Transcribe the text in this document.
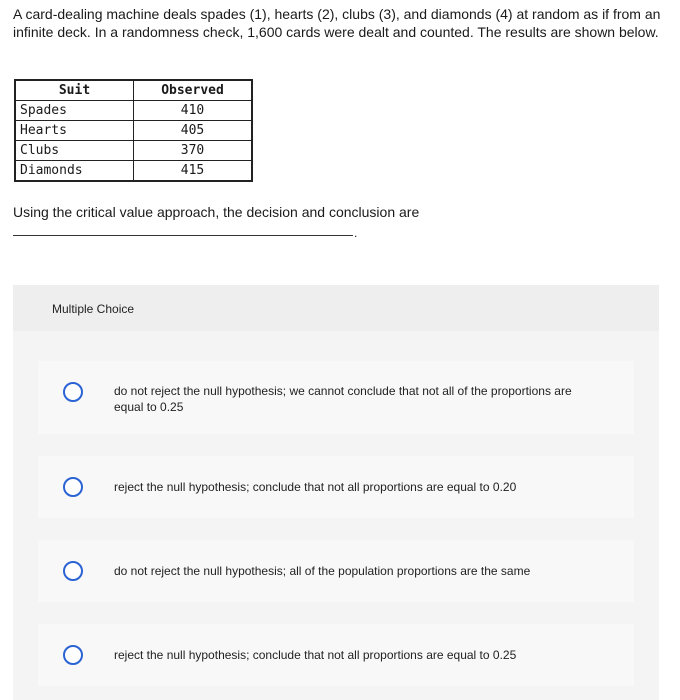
A card-dealing machine deals spades (1), hearts (2), clubs (3), and diamonds (4) at random as if from an infinite deck. In a randomness check, 1,600 cards were dealt and counted. The results are shown below.

Suit	Observed
Spades	410
Hearts	405
Clubs	370
Diamonds	415

Using the critical value approach, the decision and conclusion are

.
Multiple Choice
do not reject the null hypothesis; we cannot conclude that not all of the proportions are equal to 0.25
reject the null hypothesis; conclude that not all proportions are equal to 0.20
do not reject the null hypothesis; all of the population proportions are the same
reject the null hypothesis; conclude that not all proportions are equal to 0.25
